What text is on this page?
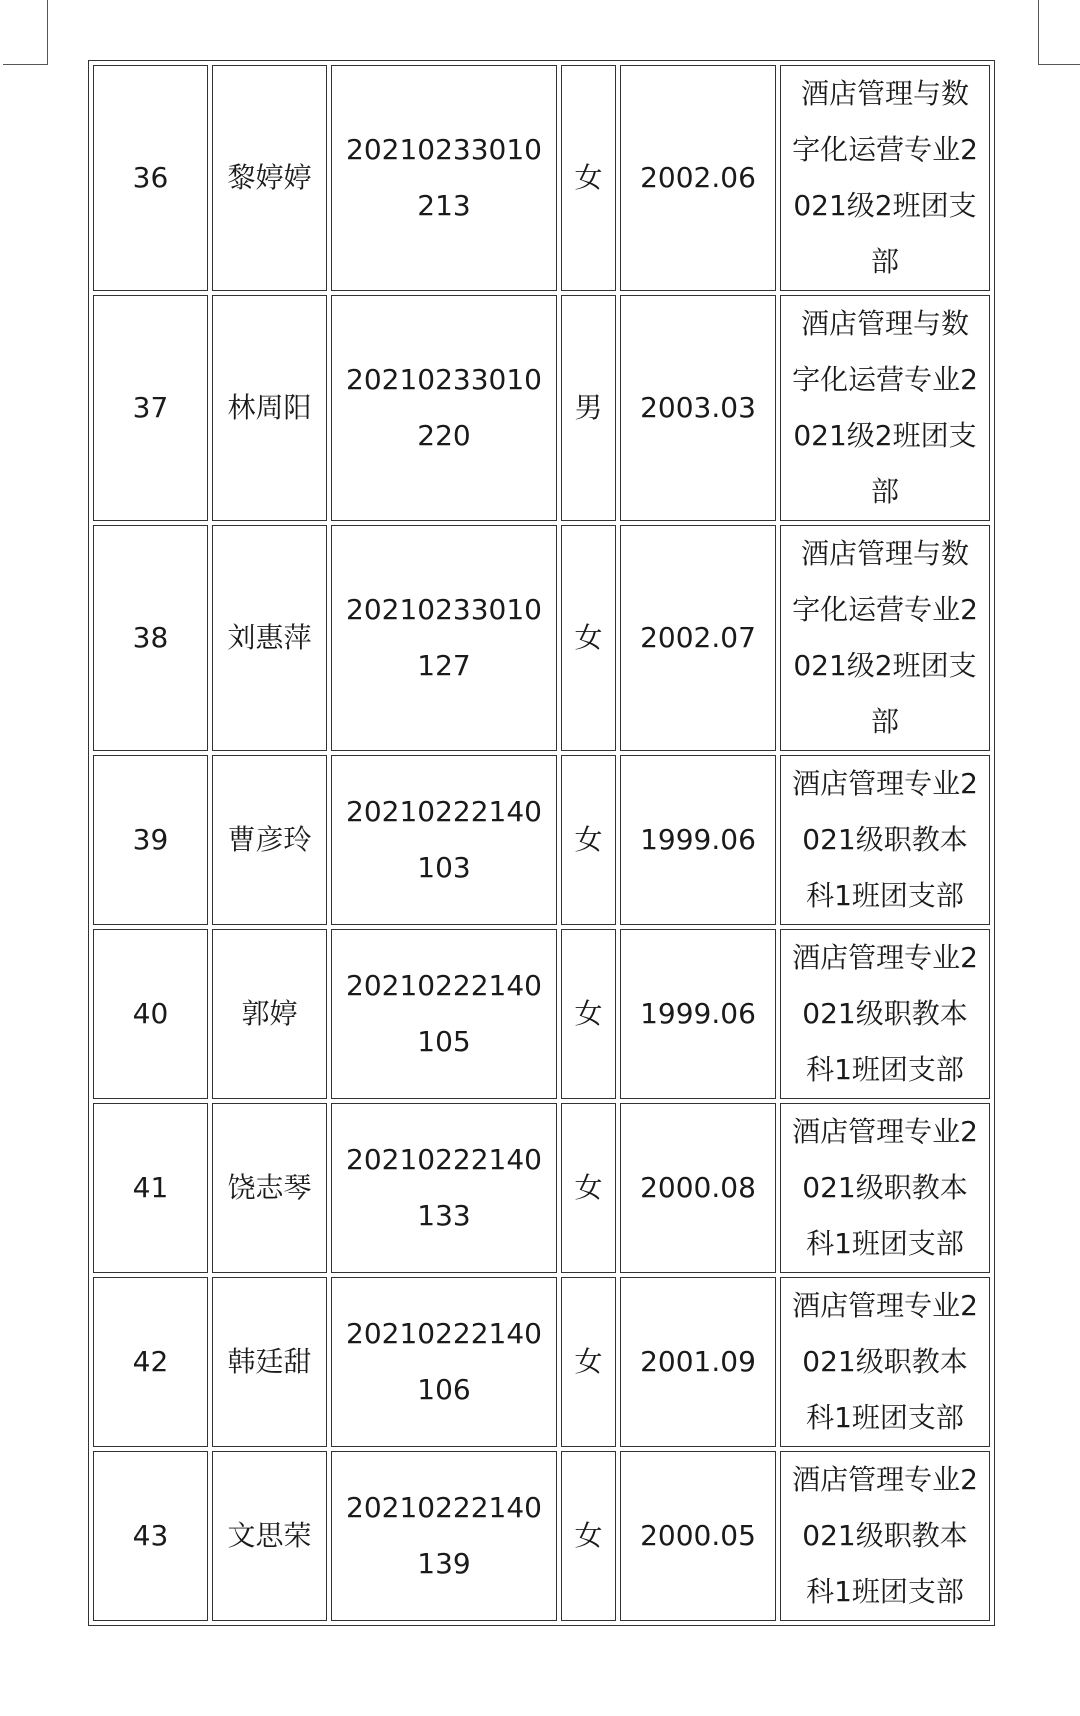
36	黎婷婷	20210233010213	女	2002.06	酒店管理与数字化运营专业2021级2班团支部
37	林周阳	20210233010220	男	2003.03	酒店管理与数字化运营专业2021级2班团支部
38	刘惠萍	20210233010127	女	2002.07	酒店管理与数字化运营专业2021级2班团支部
39	曹彦玲	20210222140103	女	1999.06	酒店管理专业2021级职教本科1班团支部
40	郭婷	20210222140105	女	1999.06	酒店管理专业2021级职教本科1班团支部
41	饶志琴	20210222140133	女	2000.08	酒店管理专业2021级职教本科1班团支部
42	韩廷甜	20210222140106	女	2001.09	酒店管理专业2021级职教本科1班团支部
43	文思荣	20210222140139	女	2000.05	酒店管理专业2021级职教本科1班团支部
